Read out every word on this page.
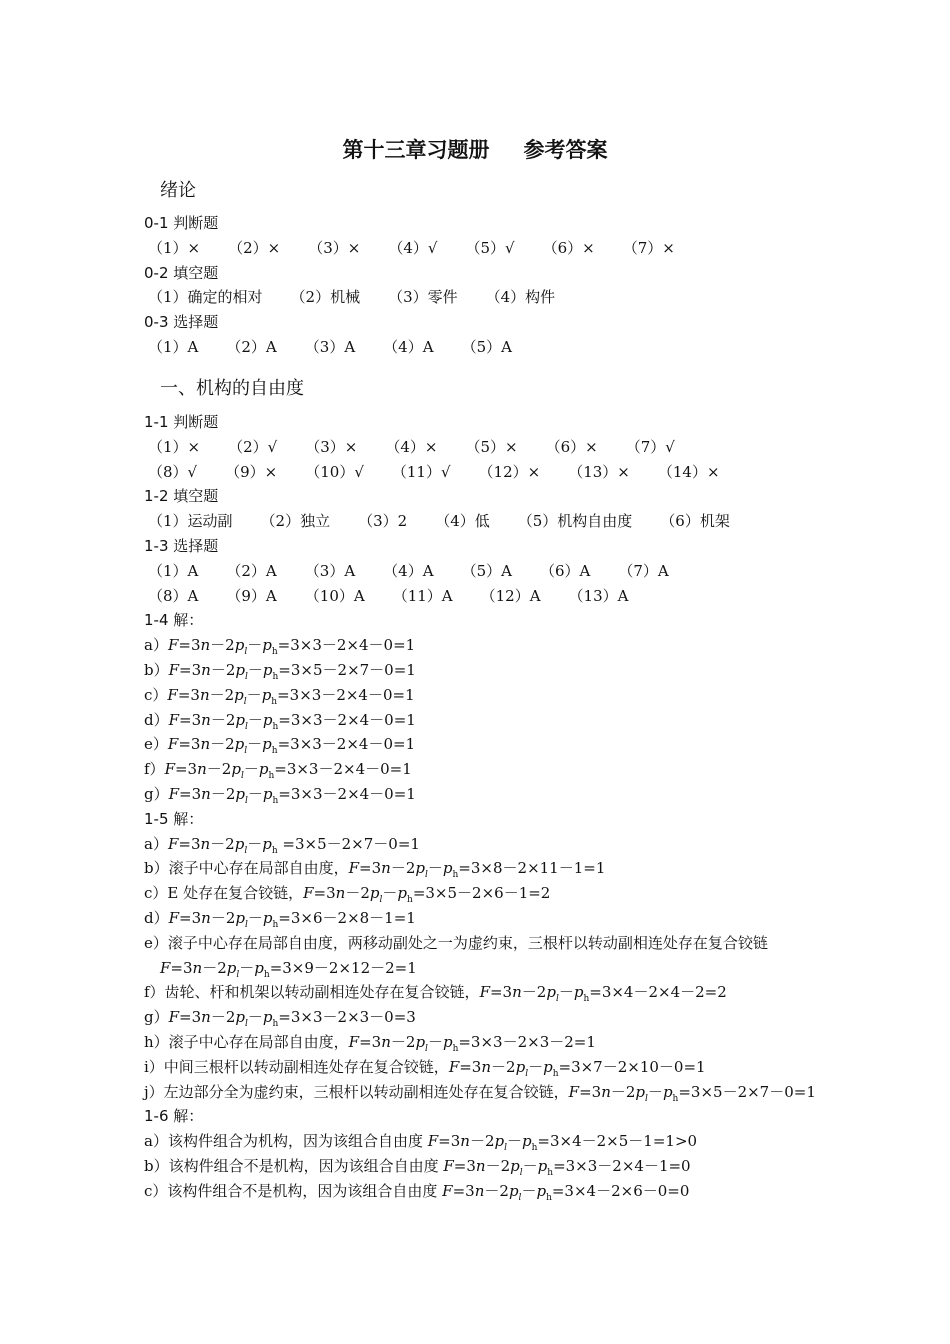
第十三章习题册 参考答案
绪论
0-1 判断题
（1）× （2）× （3）× （4）√ （5）√ （6）× （7）×
0-2 填空题
（1）确定的相对 （2）机械 （3）零件 （4）构件
0-3 选择题
（1）A （2）A （3）A （4）A （5）A
一、机构的自由度
1-1 判断题
（1）× （2）√ （3）× （4）× （5）× （6）× （7）√
（8）√ （9）× （10）√ （11）√ （12）× （13）× （14）×
1-2 填空题
（1）运动副 （2）独立 （3）2 （4）低 （5）机构自由度 （6）机架
1-3 选择题
（1）A （2）A （3）A （4）A （5）A （6）A （7）A
（8）A （9）A （10）A （11）A （12）A （13）A
1-4 解：
$a)F=3n-2p_l-p_h=3\times 3-2\times 4-0=1$
$b)F=3n-2p_l-p_h=3\times 5-2\times 7-0=1$
$c)F=3n-2p_l-p_h=3\times 3-2\times 4-0=1$
$d)F=3n-2p_l-p_h=3\times 3-2\times 4-0=1$
$e)F=3n-2p_l-p_h=3\times 3-2\times 4-0=1$
$f)F=3n-2p_l-p_h=3\times 3-2\times 4-0=1$
$g)F=3n-2p_l-p_h=3\times 3-2\times 4-0=1$
1-5 解：
$a)F=3n-2p_l-p_h =3\times 5-2\times 7-0=1$
b）滚子中心存在局部自由度，$F=3n-2p_l-p_h=3\times 8-2\times 11-1=1$
c）E 处存在复合铰链，$F=3n-2p_l-p_h=3\times 5-2\times 6-1=2$
$d)F=3n-2p_l-p_h=3\times 6-2\times 8-1=1$
e）滚子中心存在局部自由度，两移动副处之一为虚约束，三根杆以转动副相连处存在复合铰链
$F=3n-2p_l-p_h=3\times 9-2\times 12-2=1$
f）齿轮、杆和机架以转动副相连处存在复合铰链，$F=3n-2p_l-p_h=3\times 4-2\times 4-2=2$
$g)F=3n-2p_l-p_h=3\times 3-2\times 3-0=3$
h）滚子中心存在局部自由度，$F=3n-2p_l-p_h=3\times 3-2\times 3-2=1$
i）中间三根杆以转动副相连处存在复合铰链，$F=3n-2p_l-p_h=3\times 7-2\times 10-0=1$
j）左边部分全为虚约束，三根杆以转动副相连处存在复合铰链，$F=3n-2p_l-p_h=3\times 5-2\times 7-0=1$
1-6 解：
a）该构件组合为机构，因为该组合自由度 $F=3n-2p_l-p_h=3\times 4-2\times 5-1=1>0$
b）该构件组合不是机构，因为该组合自由度 $F=3n-2p_l-p_h=3\times 3-2\times 4-1=0$
c）该构件组合不是机构，因为该组合自由度 $F=3n-2p_l-p_h=3\times 4-2\times 6-0=0$
